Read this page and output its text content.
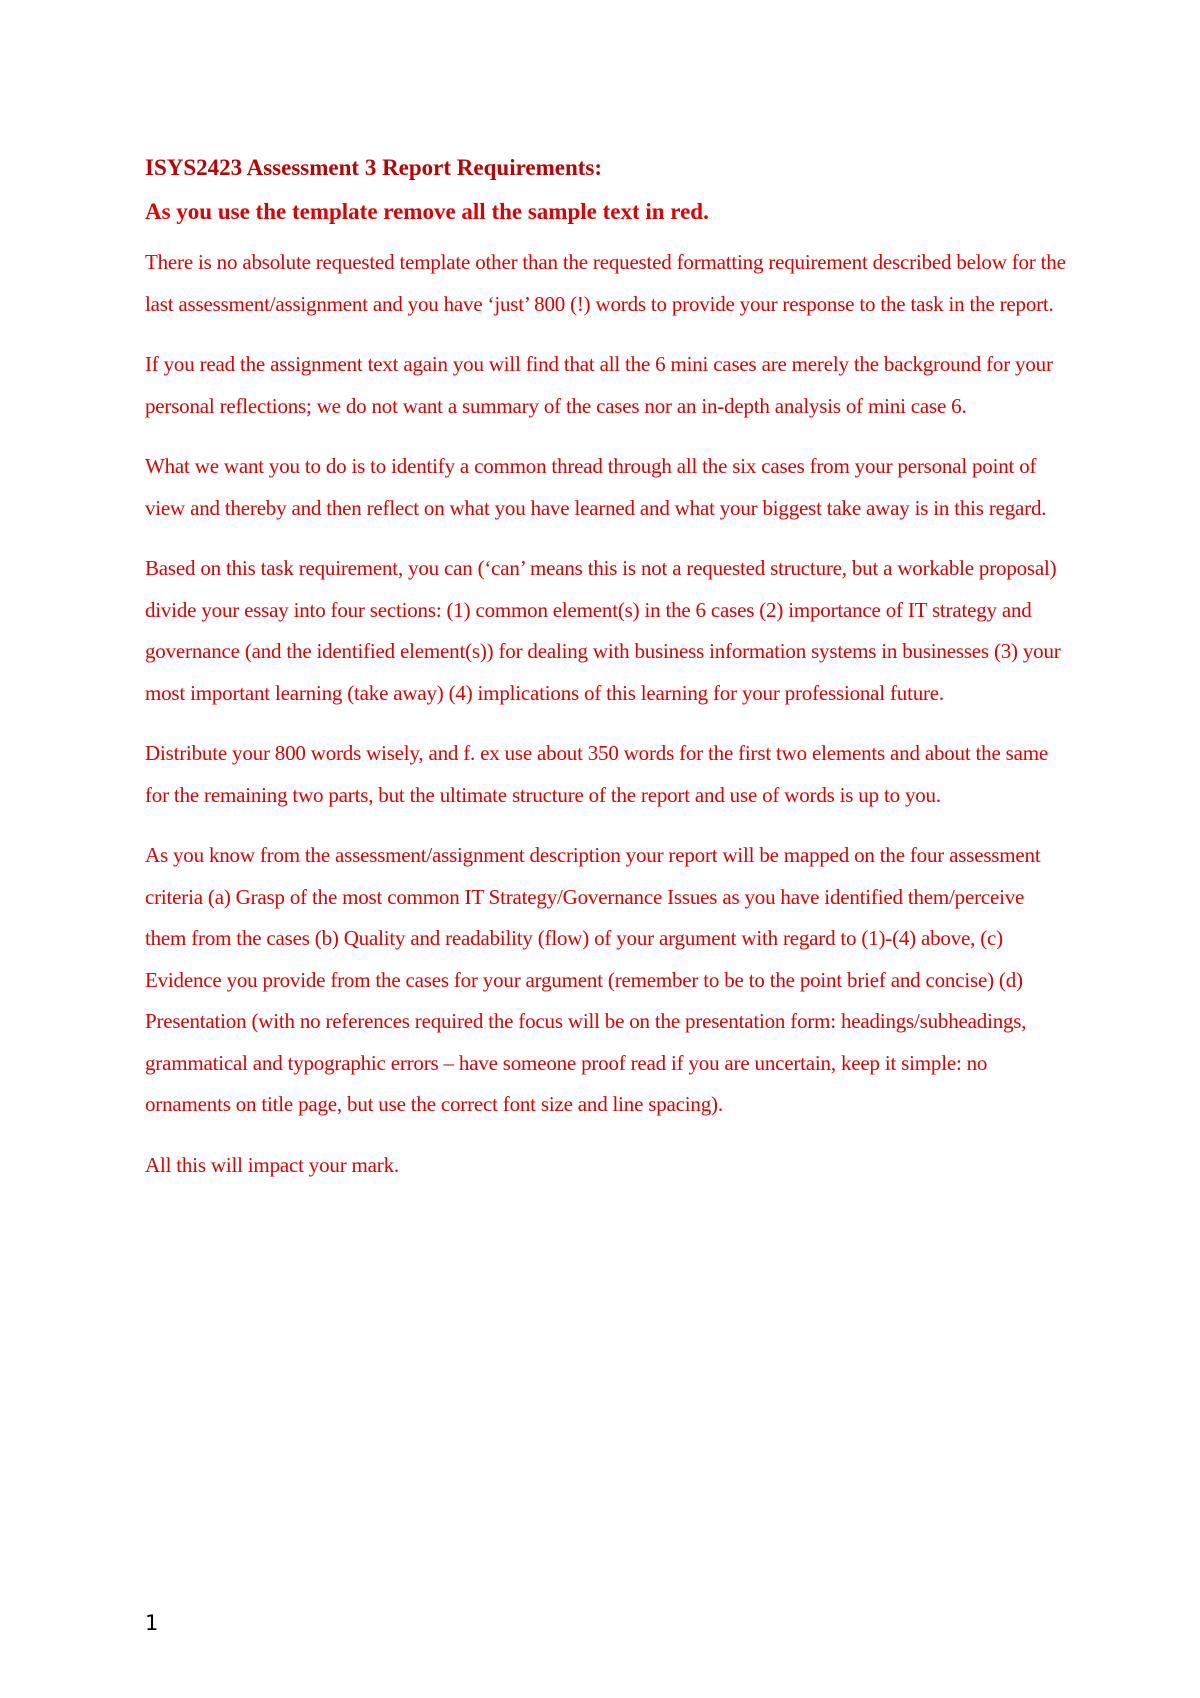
ISYS2423 Assessment 3 Report Requirements:

As you use the template remove all the sample text in red.

There is no absolute requested template other than the requested formatting requirement described below for the last assessment/assignment and you have ‘just’ 800 (!) words to provide your response to the task in the report.

If you read the assignment text again you will find that all the 6 mini cases are merely the background for your personal reflections; we do not want a summary of the cases nor an in-depth analysis of mini case 6.

What we want you to do is to identify a common thread through all the six cases from your personal point of view and thereby and then reflect on what you have learned and what your biggest take away is in this regard.

Based on this task requirement, you can (‘can’ means this is not a requested structure, but a workable proposal) divide your essay into four sections: (1) common element(s) in the 6 cases (2) importance of IT strategy and governance (and the identified element(s)) for dealing with business information systems in businesses (3) your most important learning (take away) (4) implications of this learning for your professional future.

Distribute your 800 words wisely, and f. ex use about 350 words for the first two elements and about the same for the remaining two parts, but the ultimate structure of the report and use of words is up to you.

As you know from the assessment/assignment description your report will be mapped on the four assessment criteria (a) Grasp of the most common IT Strategy/Governance Issues as you have identified them/perceive them from the cases (b) Quality and readability (flow) of your argument with regard to (1)-(4) above, (c) Evidence you provide from the cases for your argument (remember to be to the point brief and concise) (d) Presentation (with no references required the focus will be on the presentation form: headings/subheadings, grammatical and typographic errors – have someone proof read if you are uncertain, keep it simple: no ornaments on title page, but use the correct font size and line spacing).

All this will impact your mark.

1
